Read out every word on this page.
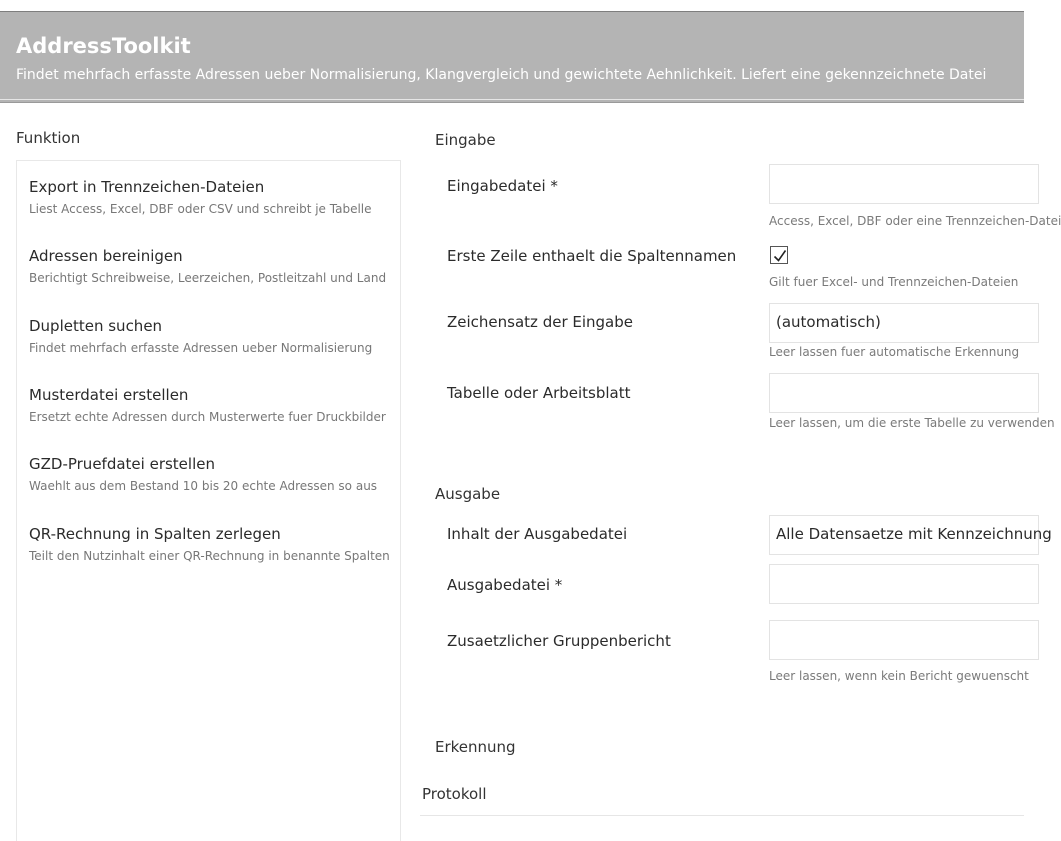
AddressToolkit
Findet mehrfach erfasste Adressen ueber Normalisierung, Klangvergleich und gewichtete Aehnlichkeit. Liefert eine gekennzeichnete Datei
Funktion
Export in Trennzeichen-Dateien
Liest Access, Excel, DBF oder CSV und schreibt je Tabelle
Adressen bereinigen
Berichtigt Schreibweise, Leerzeichen, Postleitzahl und Land
Dupletten suchen
Findet mehrfach erfasste Adressen ueber Normalisierung
Musterdatei erstellen
Ersetzt echte Adressen durch Musterwerte fuer Druckbilder
GZD-Pruefdatei erstellen
Waehlt aus dem Bestand 10 bis 20 echte Adressen so aus
QR-Rechnung in Spalten zerlegen
Teilt den Nutzinhalt einer QR-Rechnung in benannte Spalten
Eingabe
Eingabedatei *
Access, Excel, DBF oder eine Trennzeichen-Datei
Erste Zeile enthaelt die Spaltennamen
Gilt fuer Excel- und Trennzeichen-Dateien
Zeichensatz der Eingabe	(automatisch)
Leer lassen fuer automatische Erkennung
Tabelle oder Arbeitsblatt
Leer lassen, um die erste Tabelle zu verwenden
Ausgabe
Inhalt der Ausgabedatei	Alle Datensaetze mit Kennzeichnung
Ausgabedatei *
Zusaetzlicher Gruppenbericht
Leer lassen, wenn kein Bericht gewuenscht
Erkennung
Protokoll
